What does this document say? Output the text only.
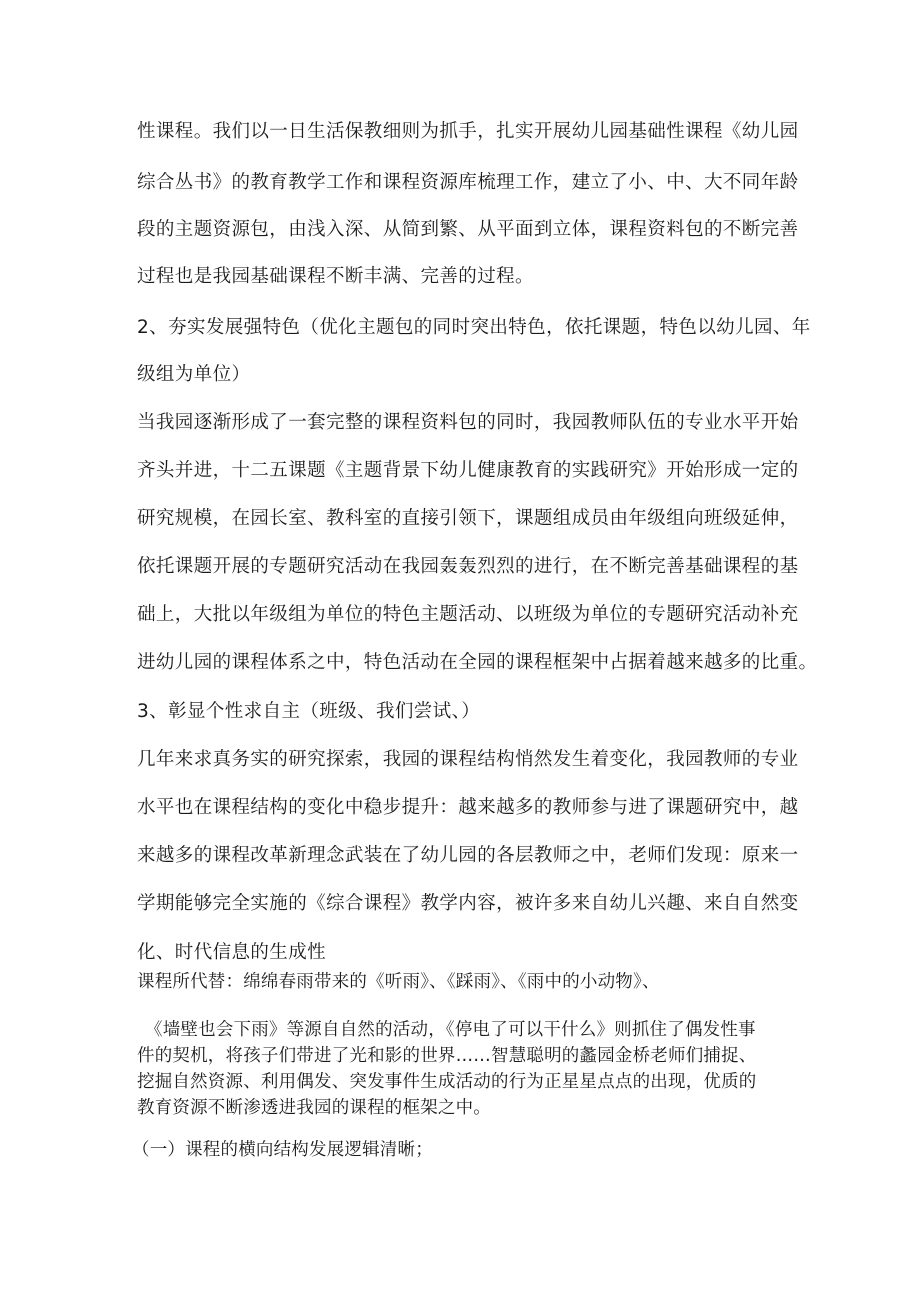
性课程。我们以一日生活保教细则为抓手，扎实开展幼儿园基础性课程《幼儿园
综合丛书》的教育教学工作和课程资源库梳理工作，建立了小、中、大不同年龄
段的主题资源包，由浅入深、从简到繁、从平面到立体，课程资料包的不断完善
过程也是我园基础课程不断丰满、完善的过程。
2、夯实发展强特色（优化主题包的同时突出特色，依托课题，特色以幼儿园、年
级组为单位）
当我园逐渐形成了一套完整的课程资料包的同时，我园教师队伍的专业水平开始
齐头并进，十二五课题《主题背景下幼儿健康教育的实践研究》开始形成一定的
研究规模，在园长室、教科室的直接引领下，课题组成员由年级组向班级延伸，
依托课题开展的专题研究活动在我园轰轰烈烈的进行，在不断完善基础课程的基
础上，大批以年级组为单位的特色主题活动、以班级为单位的专题研究活动补充
进幼儿园的课程体系之中，特色活动在全园的课程框架中占据着越来越多的比重。
3、彰显个性求自主（班级、我们尝试、）
几年来求真务实的研究探索，我园的课程结构悄然发生着变化，我园教师的专业
水平也在课程结构的变化中稳步提升：越来越多的教师参与进了课题研究中，越
来越多的课程改革新理念武装在了幼儿园的各层教师之中，老师们发现：原来一
学期能够完全实施的《综合课程》教学内容，被许多来自幼儿兴趣、来自自然变
化、时代信息的生成性
课程所代替：绵绵春雨带来的《听雨》、《踩雨》、《雨中的小动物》、
《墙壁也会下雨》等源自自然的活动，《停电了可以干什么》则抓住了偶发性事
件的契机，将孩子们带进了光和影的世界……智慧聪明的蠡园金桥老师们捕捉、
挖掘自然资源、利用偶发、突发事件生成活动的行为正星星点点的出现，优质的
教育资源不断渗透进我园的课程的框架之中。
（一）课程的横向结构发展逻辑清晰；
